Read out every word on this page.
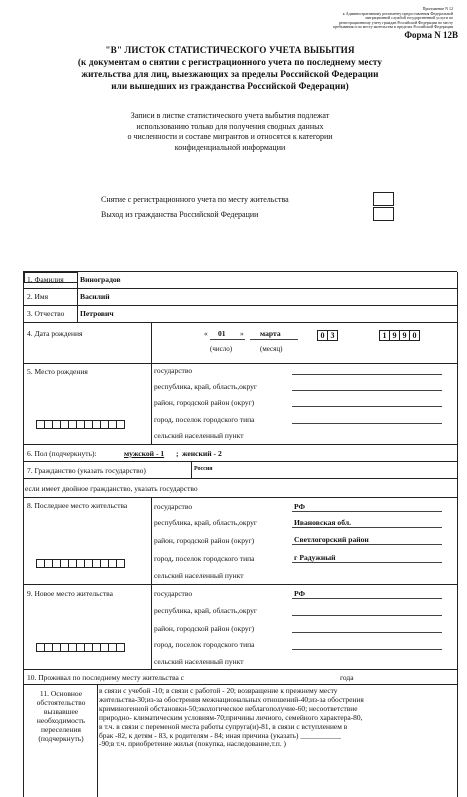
Приложение N 12
к Административному регламенту предоставления Федеральной
миграционной службой государственной услуги по
регистрационному учету граждан Российской Федерации по месту
пребывания и по месту жительства в пределах Российской Федерации
Форма N 12В
"В" ЛИСТОК СТАТИСТИЧЕСКОГО УЧЕТА ВЫБЫТИЯ
(к документам о снятии с регистрационного учета по последнему месту
жительства для лиц, выезжающих за пределы Российской Федерации
или вышедших из гражданства Российской Федерации)
Записи в листке статистического учета выбытия подлежат
использованию только для получения сводных данных
о численности и составе мигрантов и относятся к категории
конфиденциальной информации
Снятие с регистрационного учета по месту жительства
Выход из гражданства Российской Федерации
1. Фамилия Виноградов
2. Имя	Василий
3. Отчество Петрович
4. Дата рождения	« 01 » марта
(число)	(месяц)
0 3	1 9 9 0
5. Место рождения	государство
республика, край, область,округ
район, городской район (округ)
город, поселок городского типа
сельский населенный пункт
6. Пол (подчеркнуть):	мужской - 1 ; женский - 2
7. Гражданство (указать государство)	Россия
если имеет двойное гражданство, указать государство
8. Последнее место жительства	государство	РФ
республика, край, область,округ	Ивановская обл.
район, городской район (округ)	Светлогорский район
город, поселок городского типа	г Радужный
сельский населенный пункт
9. Новое место жительства	государство	РФ
республика, край, область,округ
район, городской район (округ)
город, поселок городского типа
сельский населенный пункт
10. Проживал по последнему месту жительства с	года
11. Основное обстоятельство вызвавшее необходимость переселения (подчеркнуть)
в связи с учебой -10; в связи с работой - 20; возвращение к прежнему месту
жительства-30;из-за обострения межнациональных отношений-40;из-за обострения
криминогенной обстановки-50;экологическое неблагополучие-60; несоответствие
природно- климатическим условиям-70;причины личного, семейного характера-80,
в т.ч. в связи с переменой места работы супруга(и)-81, в связи с вступлением в
брак -82, к детям - 83, к родителям - 84; иная причина (указать) ___________
-90;в т.ч. приобретение жилья (покупка, наследование,т.п. )
